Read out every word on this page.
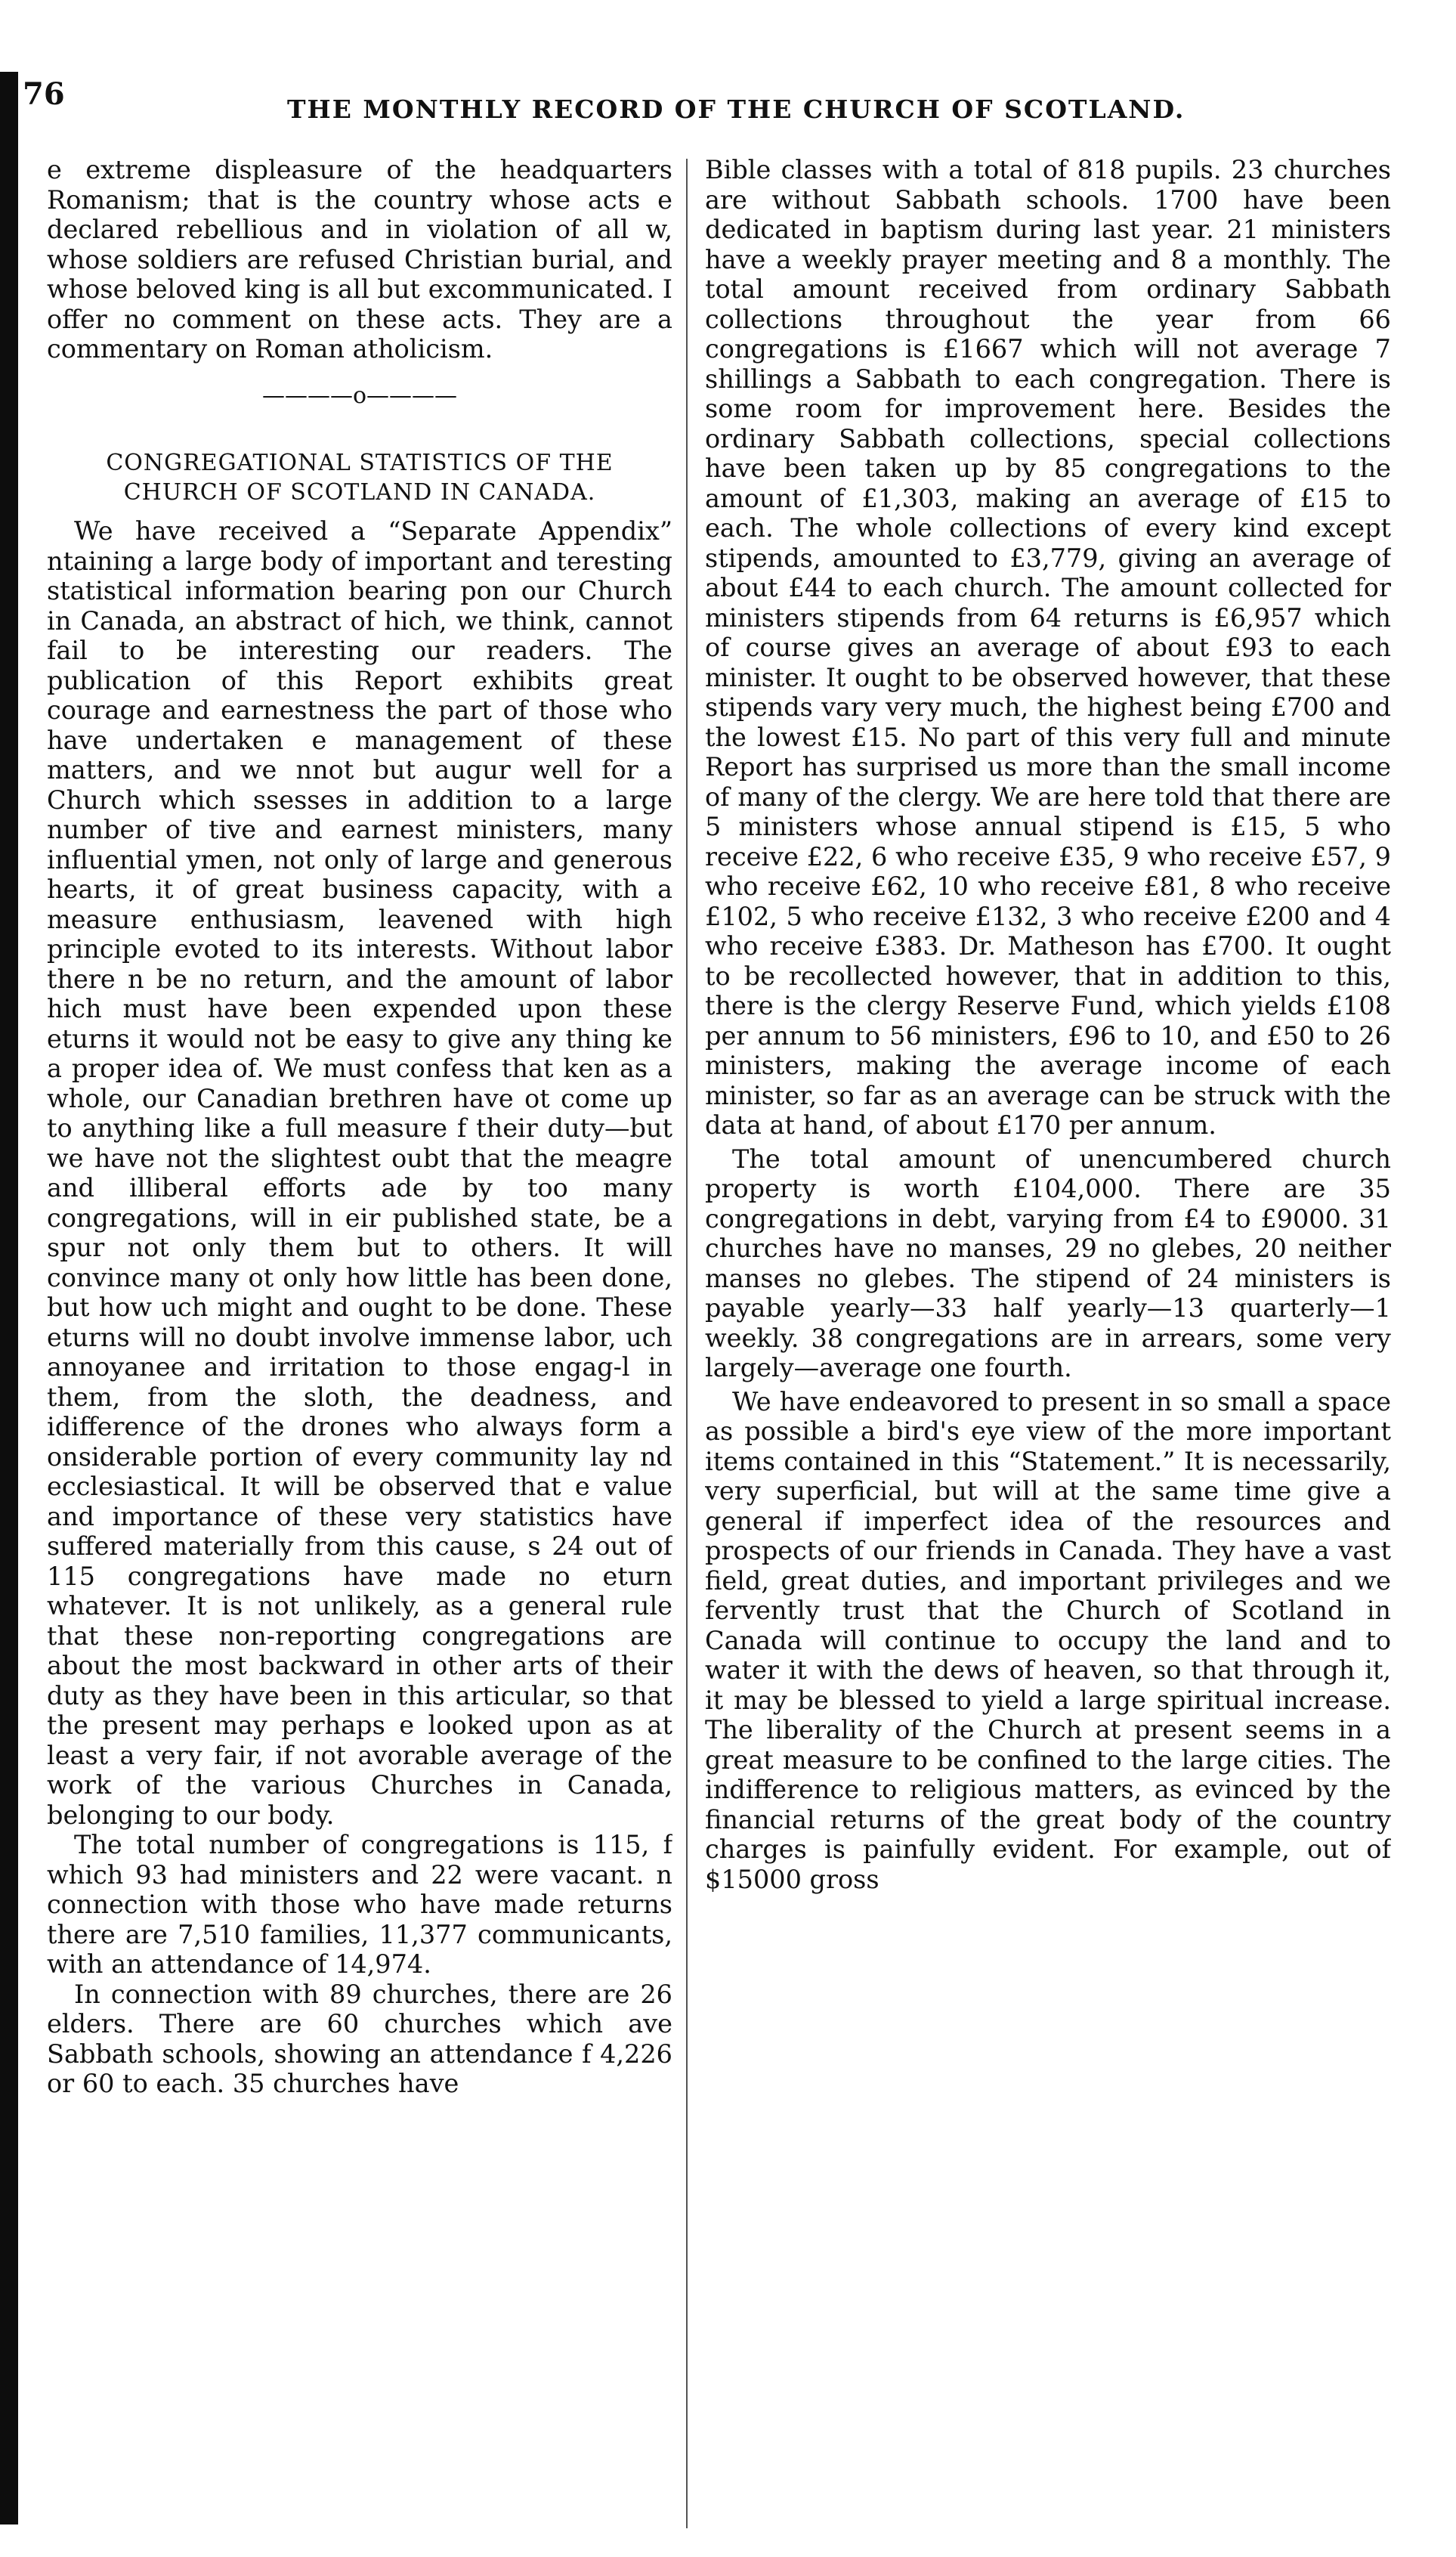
76	THE MONTHLY RECORD OF THE CHURCH OF SCOTLAND.

e extreme displeasure of the headquarters Romanism; that is the country whose acts e declared rebellious and in violation of all w, whose soldiers are refused Christian burial, and whose beloved king is all but excommunicated. I offer no comment on these acts. They are a commentary on Roman atholicism.

————o————
CONGREGATIONAL STATISTICS OF THE
CHURCH OF SCOTLAND IN CANADA.

We have received a “Separate Appendix” ntaining a large body of important and teresting statistical information bearing pon our Church in Canada, an abstract of hich, we think, cannot fail to be interesting our readers. The publication of this Report exhibits great courage and earnestness the part of those who have undertaken e management of these matters, and we nnot but augur well for a Church which ssesses in addition to a large number of tive and earnest ministers, many influential ymen, not only of large and generous hearts, it of great business capacity, with a measure enthusiasm, leavened with high principle evoted to its interests. Without labor there n be no return, and the amount of labor hich must have been expended upon these eturns it would not be easy to give any thing ke a proper idea of. We must confess that ken as a whole, our Canadian brethren have ot come up to anything like a full measure f their duty—but we have not the slightest oubt that the meagre and illiberal efforts ade by too many congregations, will in eir published state, be a spur not only them but to others. It will convince many ot only how little has been done, but how uch might and ought to be done. These eturns will no doubt involve immense labor, uch annoyanee and irritation to those engag-l in them, from the sloth, the deadness, and idifference of the drones who always form a onsiderable portion of every community lay nd ecclesiastical. It will be observed that e value and importance of these very statistics have suffered materially from this cause, s 24 out of 115 congregations have made no eturn whatever. It is not unlikely, as a general rule that these non-reporting congregations are about the most backward in other arts of their duty as they have been in this articular, so that the present may perhaps e looked upon as at least a very fair, if not avorable average of the work of the various Churches in Canada, belonging to our body.

The total number of congregations is 115, f which 93 had ministers and 22 were vacant. n connection with those who have made returns there are 7,510 families, 11,377 communicants, with an attendance of 14,974.

In connection with 89 churches, there are 26 elders. There are 60 churches which ave Sabbath schools, showing an attendance f 4,226 or 60 to each. 35 churches have

Bible classes with a total of 818 pupils. 23 churches are without Sabbath schools. 1700 have been dedicated in baptism during last year. 21 ministers have a weekly prayer meeting and 8 a monthly. The total amount received from ordinary Sabbath collections throughout the year from 66 congregations is £1667 which will not average 7 shillings a Sabbath to each congregation. There is some room for improvement here. Besides the ordinary Sabbath collections, special collections have been taken up by 85 congregations to the amount of £1,303, making an average of £15 to each. The whole collections of every kind except stipends, amounted to £3,779, giving an average of about £44 to each church. The amount collected for ministers stipends from 64 returns is £6,957 which of course gives an average of about £93 to each minister. It ought to be observed however, that these stipends vary very much, the highest being £700 and the lowest £15. No part of this very full and minute Report has surprised us more than the small income of many of the clergy. We are here told that there are 5 ministers whose annual stipend is £15, 5 who receive £22, 6 who receive £35, 9 who receive £57, 9 who receive £62, 10 who receive £81, 8 who receive £102, 5 who receive £132, 3 who receive £200 and 4 who receive £383. Dr. Matheson has £700. It ought to be recollected however, that in addition to this, there is the clergy Reserve Fund, which yields £108 per annum to 56 ministers, £96 to 10, and £50 to 26 ministers, making the average income of each minister, so far as an average can be struck with the data at hand, of about £170 per annum.

The total amount of unencumbered church property is worth £104,000. There are 35 congregations in debt, varying from £4 to £9000. 31 churches have no manses, 29 no glebes, 20 neither manses no glebes. The stipend of 24 ministers is payable yearly—33 half yearly—13 quarterly—1 weekly. 38 congregations are in arrears, some very largely—average one fourth.

We have endeavored to present in so small a space as possible a bird's eye view of the more important items contained in this “Statement.” It is necessarily, very superficial, but will at the same time give a general if imperfect idea of the resources and prospects of our friends in Canada. They have a vast field, great duties, and important privileges and we fervently trust that the Church of Scotland in Canada will continue to occupy the land and to water it with the dews of heaven, so that through it, it may be blessed to yield a large spiritual increase. The liberality of the Church at present seems in a great measure to be confined to the large cities. The indifference to religious matters, as evinced by the financial returns of the great body of the country charges is painfully evident. For example, out of $15000 gross
